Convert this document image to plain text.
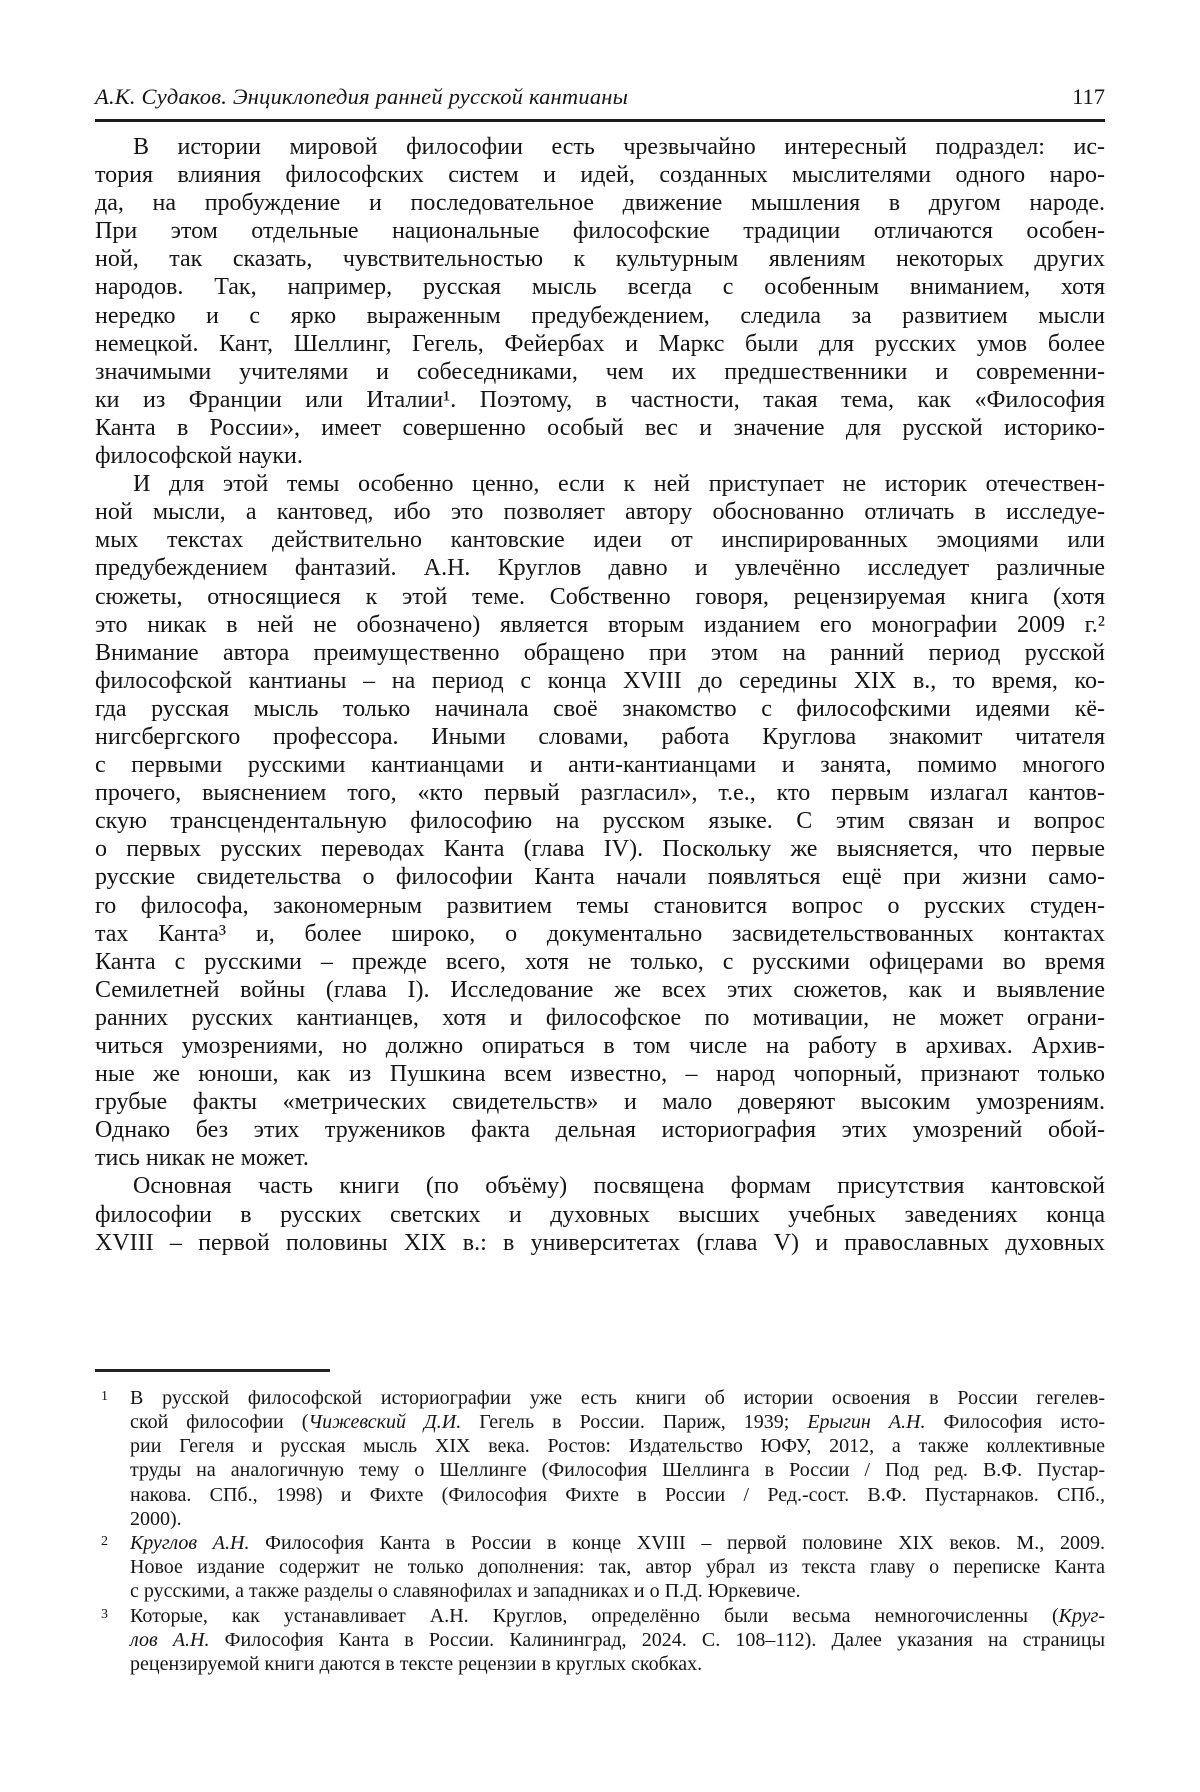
А.К. Судаков. Энциклопедия ранней русской кантианы	117
В истории мировой философии есть чрезвычайно интересный подраздел: ис-
тория влияния философских систем и идей, созданных мыслителями одного наро-
да, на пробуждение и последовательное движение мышления в другом народе.
При этом отдельные национальные философские традиции отличаются особен-
ной, так сказать, чувствительностью к культурным явлениям некоторых других
народов. Так, например, русская мысль всегда с особенным вниманием, хотя
нередко и с ярко выраженным предубеждением, следила за развитием мысли
немецкой. Кант, Шеллинг, Гегель, Фейербах и Маркс были для русских умов более
значимыми учителями и собеседниками, чем их предшественники и современни-
ки из Франции или Италии¹. Поэтому, в частности, такая тема, как «Философия
Канта в России», имеет совершенно особый вес и значение для русской историко-
философской науки.
И для этой темы особенно ценно, если к ней приступает не историк отечествен-
ной мысли, а кантовед, ибо это позволяет автору обоснованно отличать в исследуе-
мых текстах действительно кантовские идеи от инспирированных эмоциями или
предубеждением фантазий. А.Н. Круглов давно и увлечённо исследует различные
сюжеты, относящиеся к этой теме. Собственно говоря, рецензируемая книга (хотя
это никак в ней не обозначено) является вторым изданием его монографии 2009 г.²
Внимание автора преимущественно обращено при этом на ранний период русской
философской кантианы – на период с конца XVIII до середины XIX в., то время, ко-
гда русская мысль только начинала своё знакомство с философскими идеями кё-
нигсбергского профессора. Иными словами, работа Круглова знакомит читателя
с первыми русскими кантианцами и анти-кантианцами и занята, помимо многого
прочего, выяснением того, «кто первый разгласил», т.е., кто первым излагал кантов-
скую трансцендентальную философию на русском языке. С этим связан и вопрос
о первых русских переводах Канта (глава IV). Поскольку же выясняется, что первые
русские свидетельства о философии Канта начали появляться ещё при жизни само-
го философа, закономерным развитием темы становится вопрос о русских студен-
тах Канта³ и, более широко, о документально засвидетельствованных контактах
Канта с русскими – прежде всего, хотя не только, с русскими офицерами во время
Семилетней войны (глава I). Исследование же всех этих сюжетов, как и выявление
ранних русских кантианцев, хотя и философское по мотивации, не может ограни-
читься умозрениями, но должно опираться в том числе на работу в архивах. Архив-
ные же юноши, как из Пушкина всем известно, – народ чопорный, признают только
грубые факты «метрических свидетельств» и мало доверяют высоким умозрениям.
Однако без этих тружеников факта дельная историография этих умозрений обой-
тись никак не может.
Основная часть книги (по объёму) посвящена формам присутствия кантовской
философии в русских светских и духовных высших учебных заведениях конца
XVIII – первой половины XIX в.: в университетах (глава V) и православных духовных
1 В русской философской историографии уже есть книги об истории освоения в России гегелев-
ской философии (Чижевский Д.И. Гегель в России. Париж, 1939; Ерыгин А.Н. Философия исто-
рии Гегеля и русская мысль XIX века. Ростов: Издательство ЮФУ, 2012, а также коллективные
труды на аналогичную тему о Шеллинге (Философия Шеллинга в России / Под ред. В.Ф. Пустар-
накова. СПб., 1998) и Фихте (Философия Фихте в России / Ред.-сост. В.Ф. Пустарнаков. СПб.,
2000).
2 Круглов А.Н. Философия Канта в России в конце XVIII – первой половине XIX веков. М., 2009.
Новое издание содержит не только дополнения: так, автор убрал из текста главу о переписке Канта
с русскими, а также разделы о славянофилах и западниках и о П.Д. Юркевиче.
3 Которые, как устанавливает А.Н. Круглов, определённо были весьма немногочисленны (Круг-
лов А.Н. Философия Канта в России. Калининград, 2024. С. 108–112). Далее указания на страницы
рецензируемой книги даются в тексте рецензии в круглых скобках.
